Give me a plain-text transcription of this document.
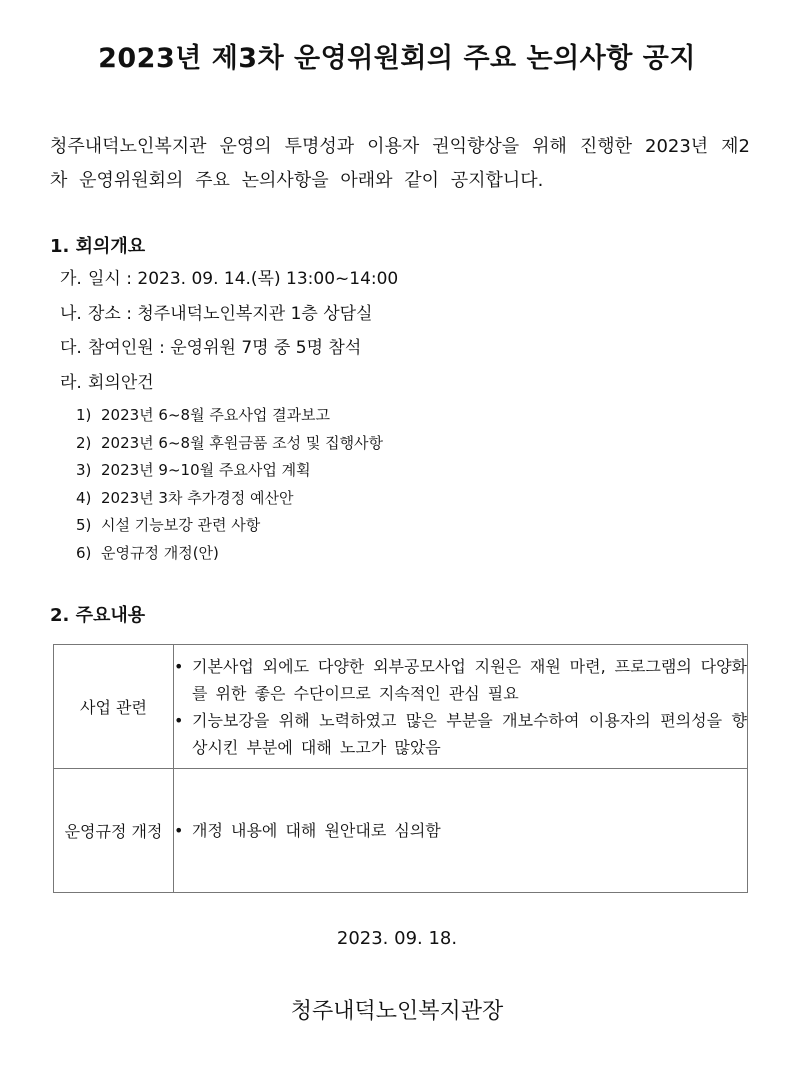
2023년 제3차 운영위원회의 주요 논의사항 공지
청주내덕노인복지관 운영의 투명성과 이용자 권익향상을 위해 진행한 2023년 제2차 운영위원회의 주요 논의사항을 아래와 같이 공지합니다.
1. 회의개요
가. 일시 : 2023. 09. 14.(목) 13:00~14:00
나. 장소 : 청주내덕노인복지관 1층 상담실
다. 참여인원 : 운영위원 7명 중 5명 참석
라. 회의안건
1) 2023년 6~8월 주요사업 결과보고
2) 2023년 6~8월 후원금품 조성 및 집행사항
3) 2023년 9~10월 주요사업 계획
4) 2023년 3차 추가경정 예산안
5) 시설 기능보강 관련 사항
6) 운영규정 개정(안)
2. 주요내용
사업 관련	• 기본사업 외에도 다양한 외부공모사업 지원은 재원 마련, 프로그램의 다양화를 위한 좋은 수단이므로 지속적인 관심 필요
• 기능보강을 위해 노력하였고 많은 부분을 개보수하여 이용자의 편의성을 향상시킨 부분에 대해 노고가 많았음

운영규정 개정	• 개정 내용에 대해 원안대로 심의함
2023. 09. 18.
청주내덕노인복지관장
